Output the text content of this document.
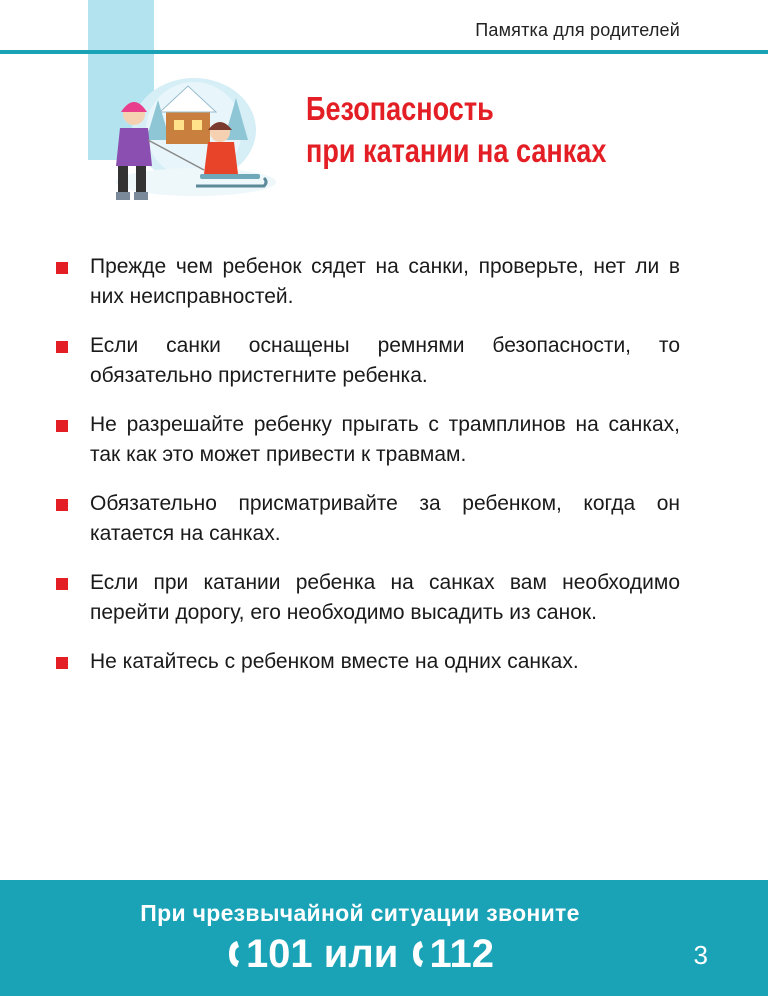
Памятка для родителей
Безопасность
при катании на санках
Прежде чем ребенок сядет на санки, проверьте, нет ли в них неисправностей.
Если санки оснащены ремнями безопасности, то обязательно пристегните ребенка.
Не разрешайте ребенку прыгать с трамплинов на санках, так как это может привести к травмам.
Обязательно присматривайте за ребенком, когда он катается на санках.
Если при катании ребенка на санках вам необходимо перейти дорогу, его необходимо высадить из санок.
Не катайтесь с ребенком вместе на одних санках.
При чрезвычайной ситуации звоните
101 или 112	3
